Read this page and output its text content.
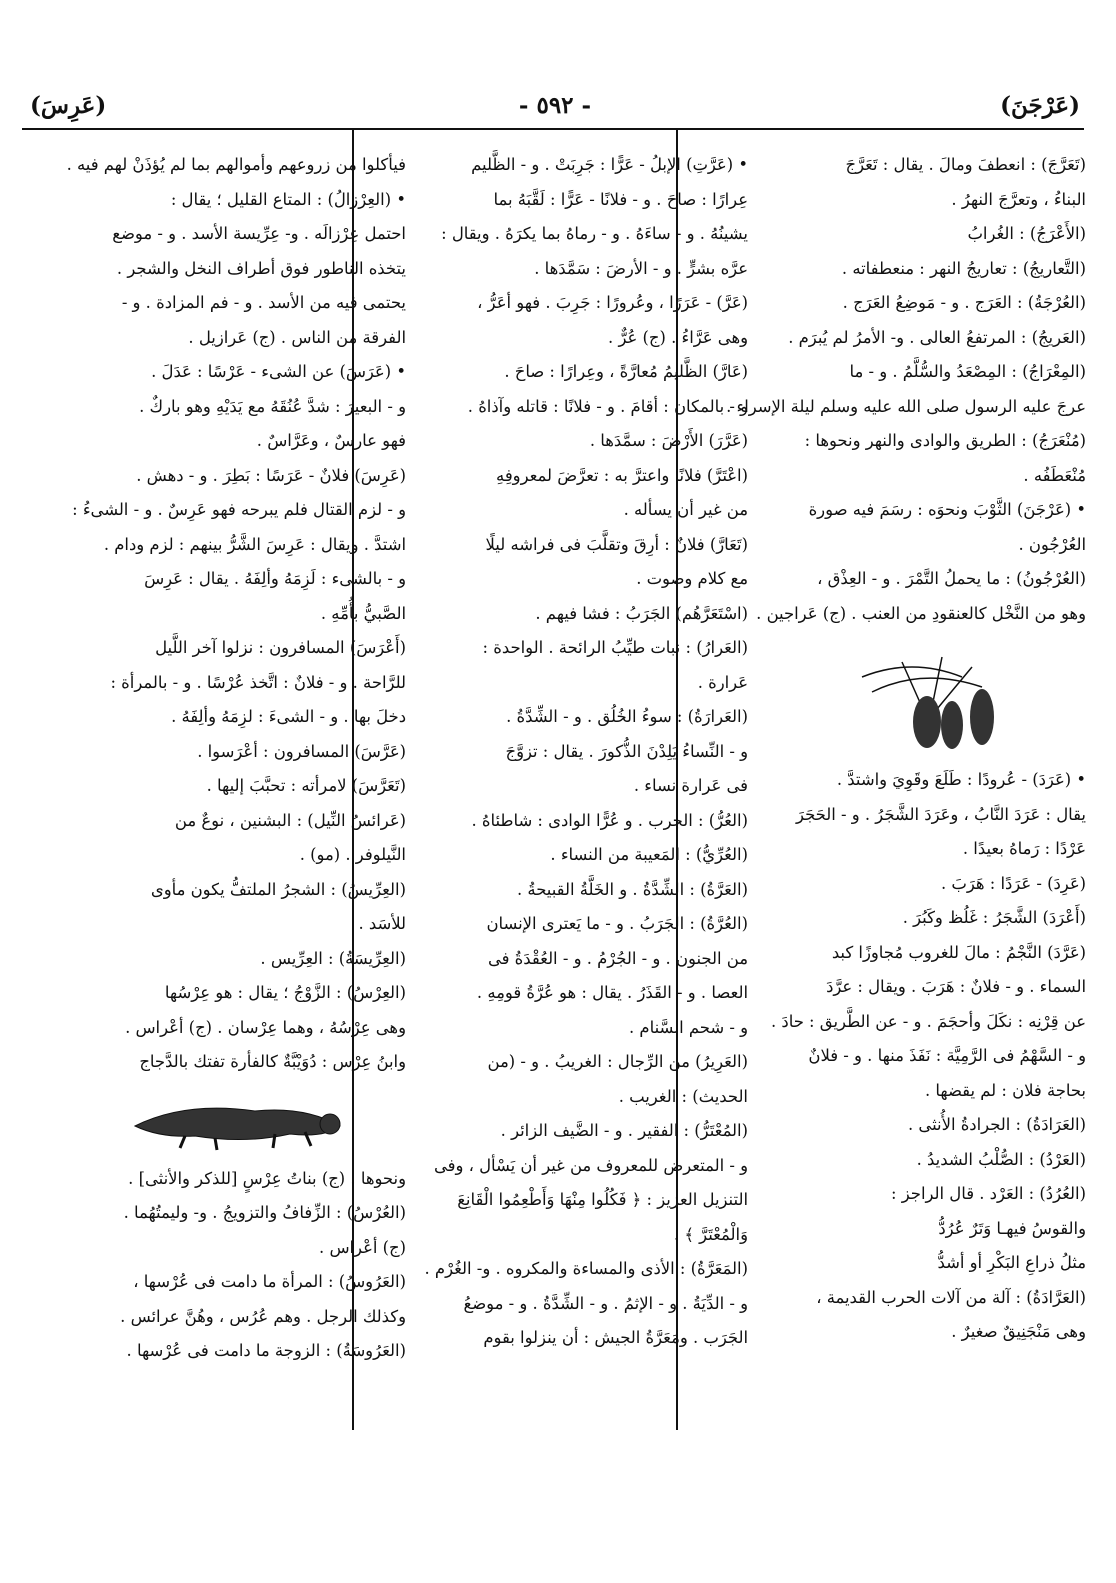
(عَرْجَنَ)
- ٥٩٢ -
(عَرِسَ)

(تَعَرَّجَ) : انعطفَ ومالَ . يقال : تَعَرَّجَ

البناءُ ، وتعرَّجَ النهرُ .

(الأَعْرَجُ) : الغُرابُ

(التَّعاريجُ) : تعاريجُ النهر : منعطفاته .

(العُرْجَةُ) : العَرَج . و - مَوضِعُ العَرَج .

(العَريجُ) : المرتفعُ العالى . و- الأمرُ لم يُبرَم .

(المِعْرَاجُ) : المِصْعَدُ والسُّلَّمُ . و - ما

عرجَ عليه الرسول صلى الله عليه وسلم ليلة الإسراء .

(مُنْعَرَجُ) : الطريق والوادى والنهر ونحوها :

مُنْعَطَفُه .

• (عَرْجَنَ) الثَّوْبَ ونحوَه : رسَمَ فيه صورة

العُرْجُون .

(العُرْجُونُ) : ما يحملُ التَّمْرَ . و - العِذْق ،

وهو من النَّخْل كالعنقودِ من العنب . (ج) عَراجين .

• (عَرَدَ) - عُرودًا : طَلَعَ وقَوِيَ واشتدَّ .

يقال : عَرَدَ النَّابُ ، وعَرَدَ الشَّجَرُ . و - الحَجَرَ

عَرْدًا : رَماهُ بعيدًا .

(عَرِدَ) - عَرَدًا : هَرَبَ .

(أَعْرَدَ) الشَّجَرُ : غَلُظ وكَبُرَ .

(عَرَّدَ) النَّجْمُ : مالَ للغروب مُجاوزًا كبد

السماء . و - فلانٌ : هَرَبَ . ويقال : عرَّدَ

عن قِرْنِه : نكَلَ وأحجَمَ . و - عن الطَّريق : حادَ .

و - السَّهْمُ فى الرَّمِيَّة : نَفَذَ منها . و - فلانٌ

بحاجة فلان : لم يقضها .

(العَرَادَةُ) : الجرادةُ الأُنثى .

(العَرْدُ) : الصُّلْبُ الشديدُ .

(العُرُدُ) : العَرْد . قال الراجز :

والقوسُ فيهـا وَتَرٌ عُرُدُّ

مثلُ ذراعِ البَكْرِ أو أشدُّ

(العَرَّادَةُ) : آلة من آلات الحرب القديمة ،

وهى مَنْجَنِيقٌ صغيرٌ .

• (عَرَّتِ) الإبلُ - عَرًّا : جَرِبَتْ . و - الظَّليم

عِرارًا : صاحَ . و - فلانًا - عَرًّا : لَقَّبَهُ بما

يشينُهُ . و - ساءَهُ . و - رماهُ بما يكرَهُ . ويقال :

عرَّه بشرٍّ . و - الأرضَ : سَمَّدَها .

(عَرَّ) - عَرَرًا ، وعُرورًا : جَرِبَ . فهو أعَرُّ ،

وهى عَرَّاءُ . (ج) عُرٌّ .

(عَارَّ) الظَّليمُ مُعارَّةً ، وعِرارًا : صاحَ .

و - بالمكان : أقامَ . و - فلانًا : قاتله وآذاهُ .

(عَرَّرَ) الأَرْضَ : سمَّدَها .

(اعْتَرَّ) فلانًا واعترَّ به : تعرَّضَ لمعروفِهِ

من غير أن يسأله .

(تَعَارَّ) فلانٌ : أرِقَ وتقلَّبَ فى فراشه ليلًا

مع كلام وصوت .

(اسْتَعَرَّهُم) الجَرَبُ : فشا فيهم .

(العَرارُ) : نبات طيِّبُ الرائحة . الواحدة :

عَرارة .

(العَرارَةُ) : سوءُ الخُلُق . و - الشِّدَّةُ .

و - النِّساءُ يَلِدْنَ الذُّكورَ . يقال : تزوَّجَ

فى عَرارة نساء .

(العُرُّ) : الجرب . و عُرًّا الوادى : شاطئاهُ .

(العُرِّيُّ) : المَعيبة من النساء .

(العَرَّةُ) : الشِّدَّةُ . و الخَلَّةُ القبيحةُ .

(العُرَّةُ) : الجَرَبُ . و - ما يَعترى الإنسان

من الجنون . و - الجُرْمُ . و - العُقْدَةُ فى

العصا . و - القَذَرُ . يقال : هو عُرَّةُ قومِهِ .

و - شحم السَّنام .

(العَرِيرُ) من الرِّجال : الغريبُ . و - (من

الحديث) : الغريب .

(المُعْتَرُّ) : الفقير . و - الضَّيف الزائر .

و - المتعرض للمعروف من غير أن يَسْأل ، وفى

التنزيل العزيز : ﴿ فَكُلُوا مِنْهَا وَأَطْعِمُوا الْقَانِعَ

وَالْمُعْتَرَّ ﴾ .

(المَعَرَّةُ) : الأذى والمساءة والمكروه . و- الغُرْم .

و - الدِّيَةُ . و - الإثمُ . و - الشِّدَّةُ . و - موضعُ

الجَرَب . ومَعَرَّةُ الجيش : أن ينزلوا بقوم

فيأكلوا من زروعهم وأموالهم بما لم يُؤذَنْ لهم فيه .

• (العِرْزالُ) : المتاع القليل ؛ يقال :

احتمل عِرْزالَه . و- عِرِّيسة الأسد . و - موضع

يتخذه الناطور فوق أطراف النخل والشجر .

يحتمى فيه من الأسد . و - فم المزادة . و -

الفرقة من الناس . (ج) عَرازيل .

• (عَرَسَ) عن الشىء - عَرْسًا : عَدَلَ .

و - البعيرَ : شدَّ عُنُقَهُ مع يَدَيْهِ وهو باركٌ .

فهو عارسٌ ، وعَرَّاسٌ .

(عَرِسَ) فلانٌ - عَرَسًا : بَطِرَ . و - دهش .

و - لزم القتال فلم يبرحه فهو عَرِسٌ . و - الشىءُ :

اشتدَّ . ويقال : عَرِسَ الشَّرُّ بينهم : لزم ودام .

و - بالشىء : لَزِمَهُ وألِفَهُ . يقال : عَرِسَ

الصَّبيُّ بأُمِّهِ .

(أَعْرَسَ) المسافرون : نزلوا آخر اللَّيل

للرَّاحة . و - فلانٌ : اتَّخذ عُرْسًا . و - بالمرأة :

دخلَ بها . و - الشىءَ : لزِمَهُ وألِفَهُ .

(عَرَّسَ) المسافرون : أعْرَسوا .

(تَعَرَّسَ) لامرأته : تحبَّبَ إليها .

(عَرائسُ النِّيل) : البشنين ، نوعٌ من

النَّيلوفر . (مو) .

(العِرِّيسُ) : الشجرُ الملتفُّ يكون مأوى

للأسَد .

(العِرِّيسَةُ) : العِرِّيس .

(العِرْسُ) : الزَّوْجُ ؛ يقال : هو عِرْسُها

وهى عِرْسُهُ ، وهما عِرْسان . (ج) أعْراس .

وابنُ عِرْس : دُوَيْبَّةٌ كالفأرة تفتك بالدَّجاج

ونحوها . (ج) بناتُ عِرْسٍ [للذكر والأنثى] .

(العُرْسُ) : الزِّفافُ والتزويجُ . و- وليمتُهُما .

(ج) أعْراس .

(العَرُوسُ) : المرأة ما دامت فى عُرْسها ،

وكذلك الرجل . وهم عُرُس ، وهُنَّ عرائس .

(العَرُوسَةُ) : الزوجة ما دامت فى عُرْسها .
